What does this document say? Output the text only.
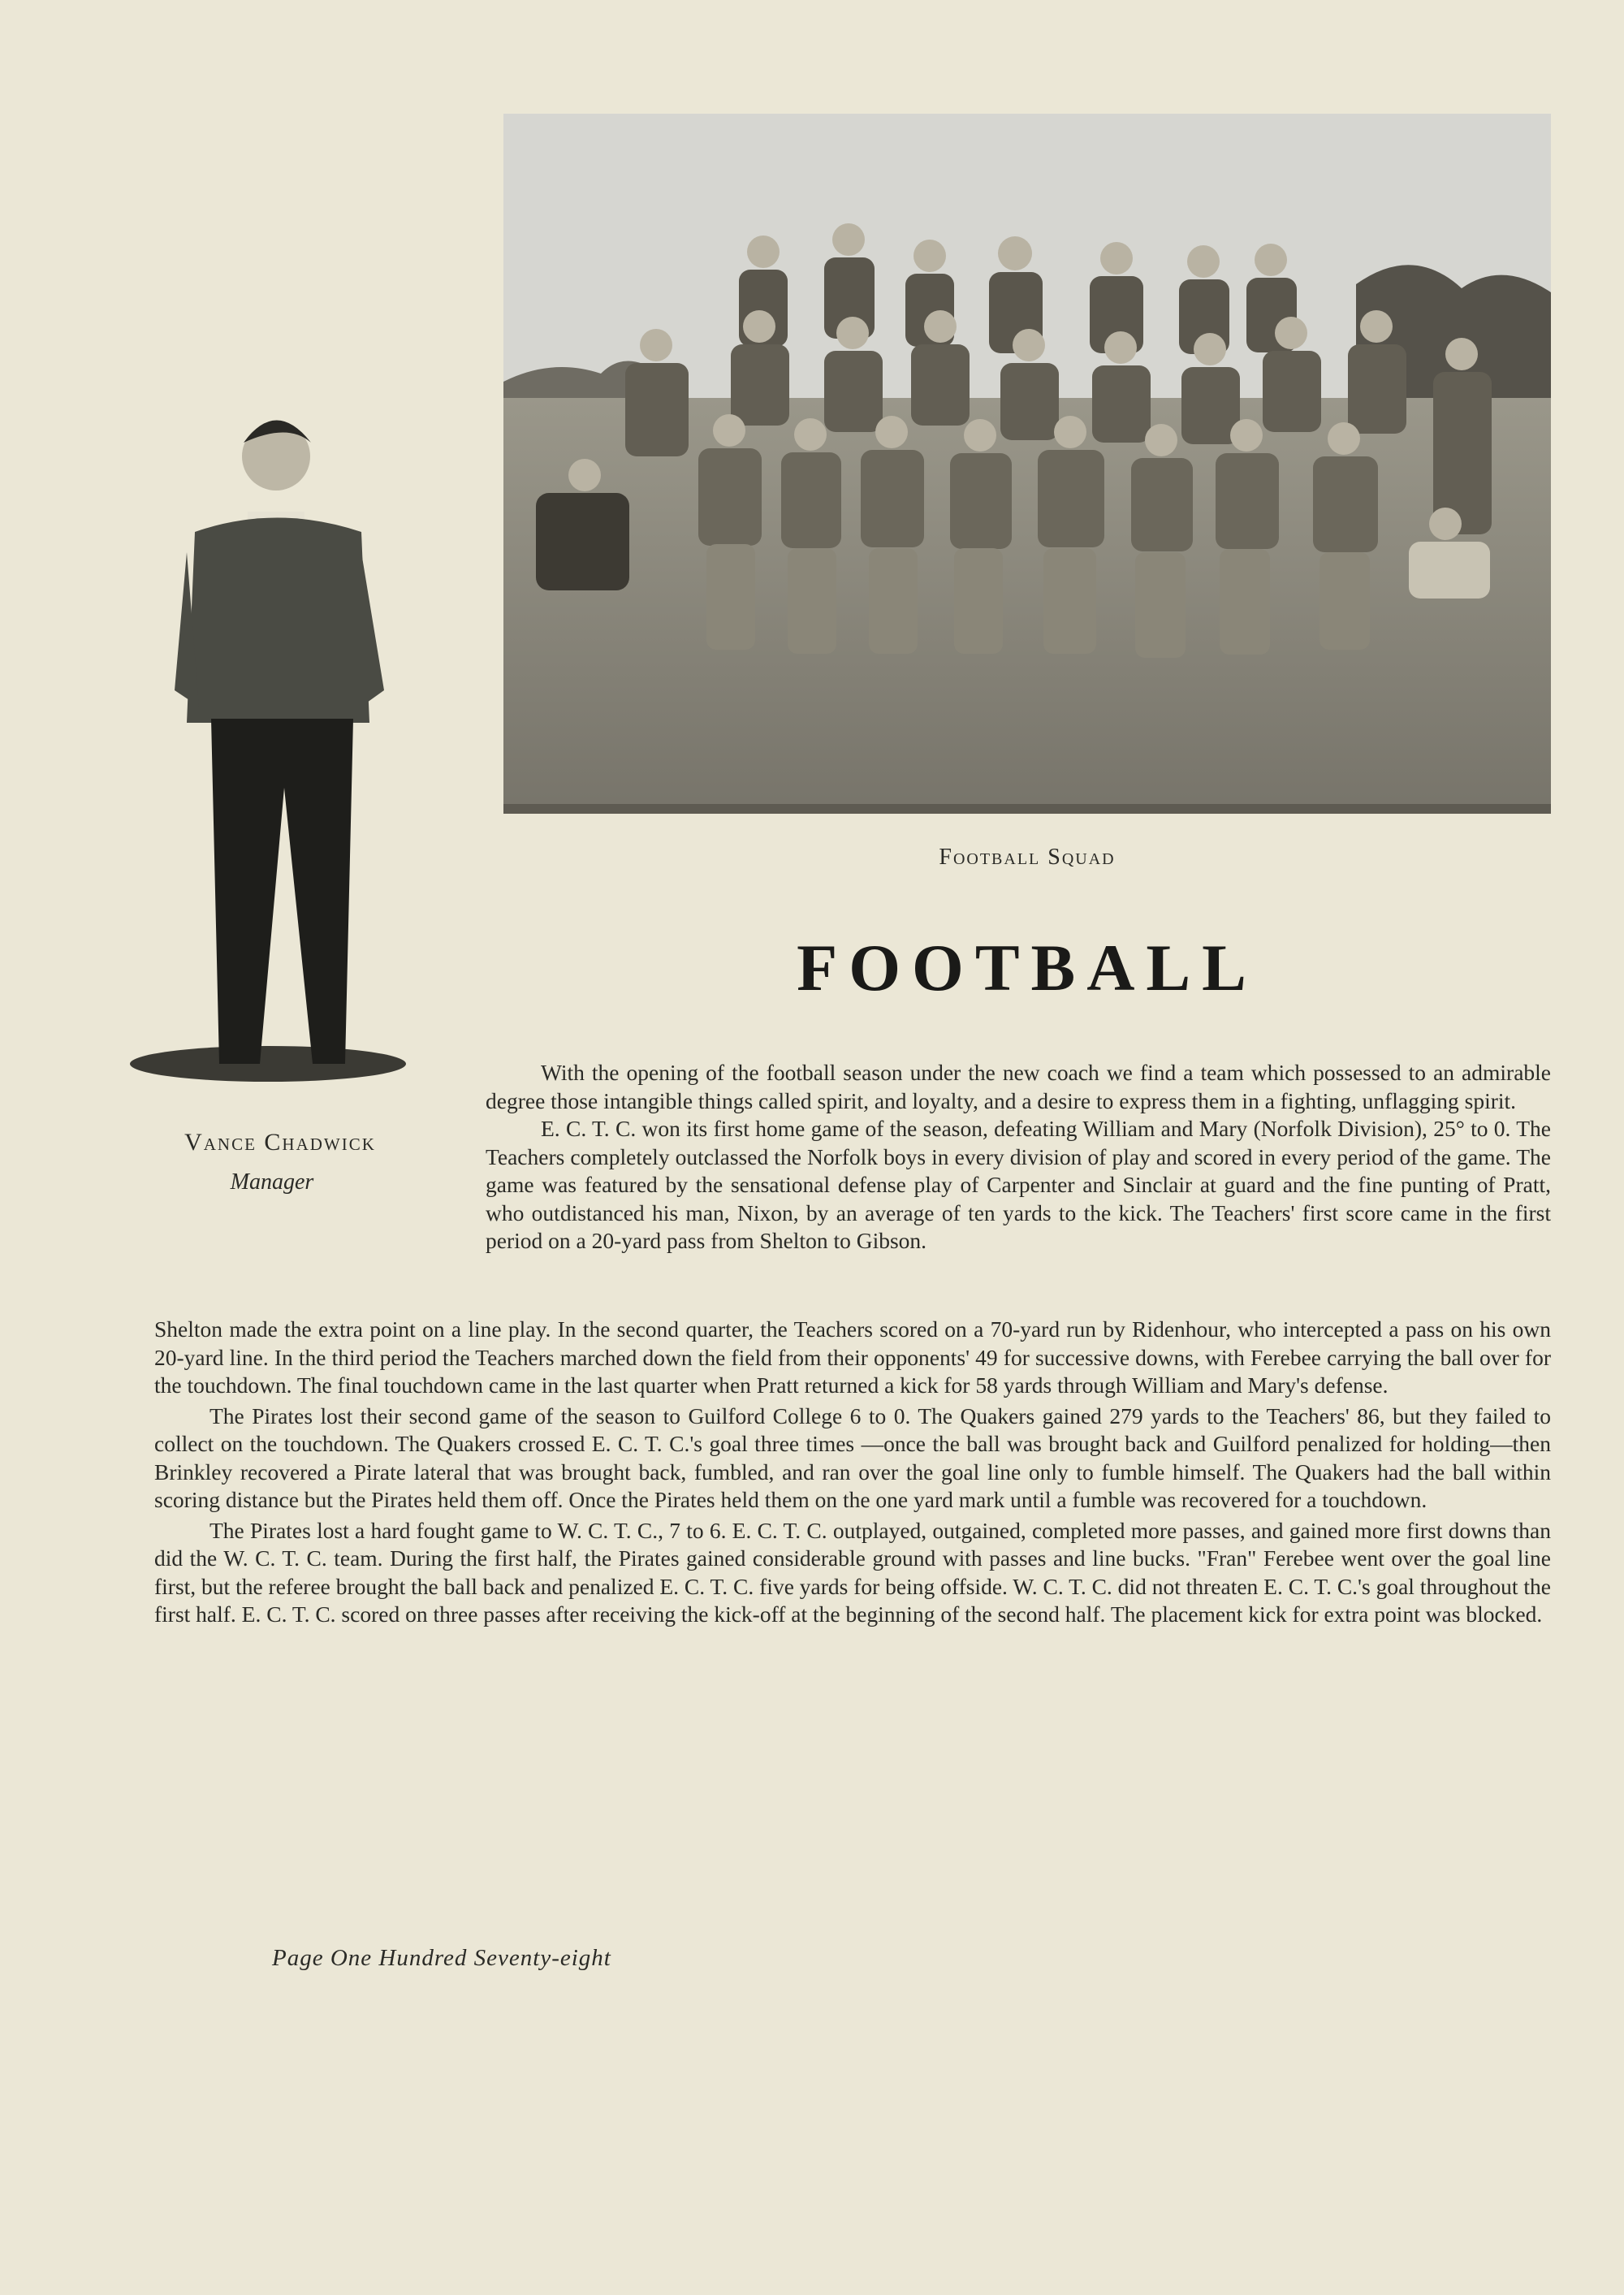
Football Squad
FOOTBALL
Vance Chadwick
Manager

With the opening of the football season under the new coach we find a team which possessed to an admirable degree those intangible things called spirit, and loyalty, and a desire to express them in a fighting, unflagging spirit.

E. C. T. C. won its first home game of the season, defeating William and Mary (Norfolk Division), 25° to 0. The Teachers completely outclassed the Norfolk boys in every division of play and scored in every period of the game. The game was featured by the sensational defense play of Carpenter and Sinclair at guard and the fine punting of Pratt, who outdistanced his man, Nixon, by an average of ten yards to the kick. The Teachers' first score came in the first period on a 20-yard pass from Shelton to Gibson.

Shelton made the extra point on a line play. In the second quarter, the Teachers scored on a 70-yard run by Ridenhour, who intercepted a pass on his own 20-yard line. In the third period the Teachers marched down the field from their opponents' 49 for successive downs, with Ferebee carrying the ball over for the touchdown. The final touchdown came in the last quarter when Pratt returned a kick for 58 yards through William and Mary's defense.

The Pirates lost their second game of the season to Guilford College 6 to 0. The Quakers gained 279 yards to the Teachers' 86, but they failed to collect on the touchdown. The Quakers crossed E. C. T. C.'s goal three times —once the ball was brought back and Guilford penalized for holding—then Brinkley recovered a Pirate lateral that was brought back, fumbled, and ran over the goal line only to fumble himself. The Quakers had the ball within scoring distance but the Pirates held them off. Once the Pirates held them on the one yard mark until a fumble was recovered for a touchdown.

The Pirates lost a hard fought game to W. C. T. C., 7 to 6. E. C. T. C. outplayed, outgained, completed more passes, and gained more first downs than did the W. C. T. C. team. During the first half, the Pirates gained considerable ground with passes and line bucks. "Fran" Ferebee went over the goal line first, but the referee brought the ball back and penalized E. C. T. C. five yards for being offside. W. C. T. C. did not threaten E. C. T. C.'s goal throughout the first half. E. C. T. C. scored on three passes after receiving the kick-off at the beginning of the second half. The placement kick for extra point was blocked.

Page One Hundred Seventy-eight
